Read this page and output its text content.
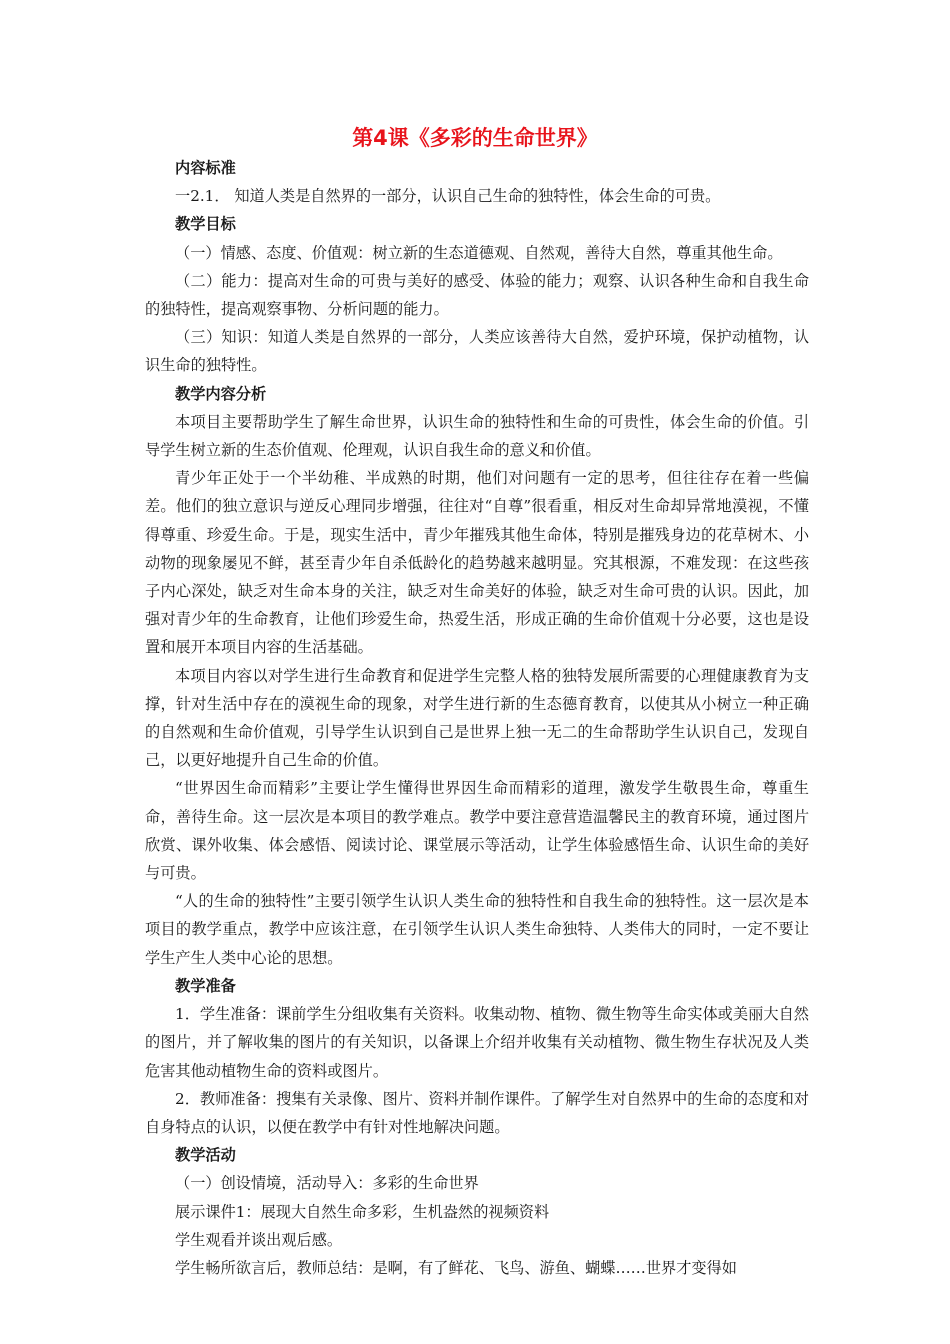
第4课《多彩的生命世界》

内容标准

一2.1． 知道人类是自然界的一部分，认识自己生命的独特性，体会生命的可贵。

教学目标

（一）情感、态度、价值观：树立新的生态道德观、自然观，善待大自然，尊重其他生命。

（二）能力：提高对生命的可贵与美好的感受、体验的能力；观察、认识各种生命和自我生命的独特性，提高观察事物、分析问题的能力。

（三）知识：知道人类是自然界的一部分，人类应该善待大自然，爱护环境，保护动植物，认识生命的独特性。

教学内容分析

本项目主要帮助学生了解生命世界，认识生命的独特性和生命的可贵性，体会生命的价值。引导学生树立新的生态价值观、伦理观，认识自我生命的意义和价值。

青少年正处于一个半幼稚、半成熟的时期，他们对问题有一定的思考，但往往存在着一些偏差。他们的独立意识与逆反心理同步增强，往往对“自尊”很看重，相反对生命却异常地漠视，不懂得尊重、珍爱生命。于是，现实生活中，青少年摧残其他生命体，特别是摧残身边的花草树木、小动物的现象屡见不鲜，甚至青少年自杀低龄化的趋势越来越明显。究其根源，不难发现：在这些孩子内心深处，缺乏对生命本身的关注，缺乏对生命美好的体验，缺乏对生命可贵的认识。因此，加强对青少年的生命教育，让他们珍爱生命，热爱生活，形成正确的生命价值观十分必要，这也是设置和展开本项目内容的生活基础。

本项目内容以对学生进行生命教育和促进学生完整人格的独特发展所需要的心理健康教育为支撑，针对生活中存在的漠视生命的现象，对学生进行新的生态德育教育，以使其从小树立一种正确的自然观和生命价值观，引导学生认识到自己是世界上独一无二的生命帮助学生认识自己，发现自己，以更好地提升自己生命的价值。

“世界因生命而精彩”主要让学生懂得世界因生命而精彩的道理，激发学生敬畏生命，尊重生命，善待生命。这一层次是本项目的教学难点。教学中要注意营造温馨民主的教育环境，通过图片欣赏、课外收集、体会感悟、阅读讨论、课堂展示等活动，让学生体验感悟生命、认识生命的美好与可贵。

“人的生命的独特性”主要引领学生认识人类生命的独特性和自我生命的独特性。这一层次是本项目的教学重点，教学中应该注意，在引领学生认识人类生命独特、人类伟大的同时，一定不要让学生产生人类中心论的思想。

教学准备

1．学生准备：课前学生分组收集有关资料。收集动物、植物、微生物等生命实体或美丽大自然的图片，并了解收集的图片的有关知识，以备课上介绍并收集有关动植物、微生物生存状况及人类危害其他动植物生命的资料或图片。

2．教师准备：搜集有关录像、图片、资料并制作课件。了解学生对自然界中的生命的态度和对自身特点的认识，以便在教学中有针对性地解决问题。

教学活动

（一）创设情境，活动导入：多彩的生命世界

展示课件1：展现大自然生命多彩，生机盎然的视频资料

学生观看并谈出观后感。

学生畅所欲言后，教师总结：是啊，有了鲜花、飞鸟、游鱼、蝴蝶……世界才变得如
